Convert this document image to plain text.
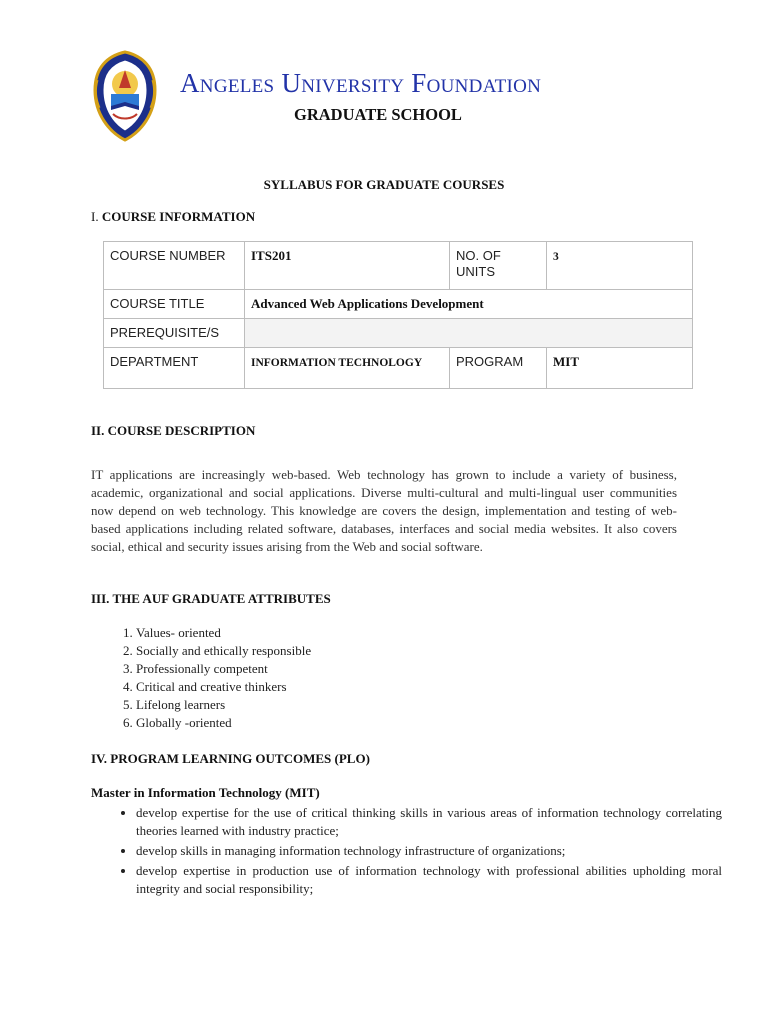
Angeles University Foundation
GRADUATE SCHOOL
SYLLABUS FOR GRADUATE COURSES
I. COURSE INFORMATION
COURSE NUMBER	ITS201	NO. OF UNITS	3
COURSE TITLE	Advanced Web Applications Development		
PREREQUISITE/S			
DEPARTMENT	INFORMATION TECHNOLOGY	PROGRAM	MIT
II. COURSE DESCRIPTION
IT applications are increasingly web-based. Web technology has grown to include a variety of business, academic, organizational and social applications. Diverse multi-cultural and multi-lingual user communities now depend on web technology. This knowledge are covers the design, implementation and testing of web-based applications including related software, databases, interfaces and social media websites. It also covers social, ethical and security issues arising from the Web and social software.
III. THE AUF GRADUATE ATTRIBUTES
1. Values- oriented
2. Socially and ethically responsible
3. Professionally competent
4. Critical and creative thinkers
5. Lifelong learners
6. Globally -oriented
IV. PROGRAM LEARNING OUTCOMES (PLO)
Master in Information Technology (MIT)
• develop expertise for the use of critical thinking skills in various areas of information technology correlating theories learned with industry practice;
• develop skills in managing information technology infrastructure of organizations;
• develop expertise in production use of information technology with professional abilities upholding moral integrity and social responsibility;
